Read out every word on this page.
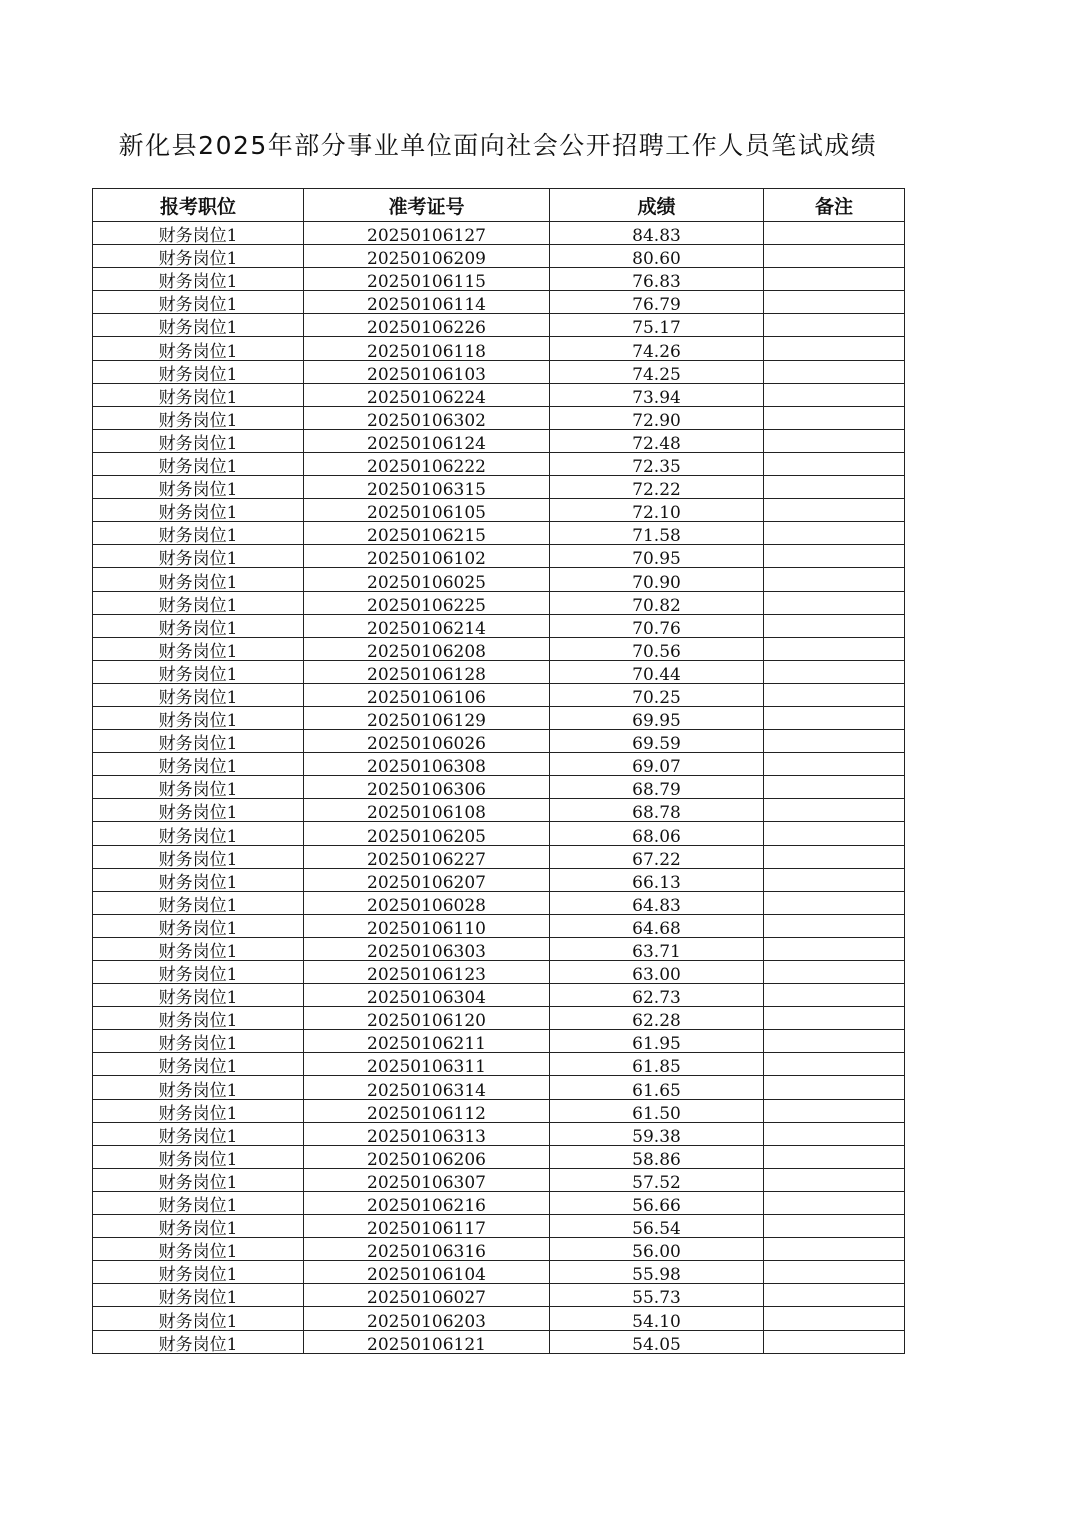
新化县2025年部分事业单位面向社会公开招聘工作人员笔试成绩
报考职位	准考证号	成绩	备注
财务岗位1	20250106127	84.83	
财务岗位1	20250106209	80.60	
财务岗位1	20250106115	76.83	
财务岗位1	20250106114	76.79	
财务岗位1	20250106226	75.17	
财务岗位1	20250106118	74.26	
财务岗位1	20250106103	74.25	
财务岗位1	20250106224	73.94	
财务岗位1	20250106302	72.90	
财务岗位1	20250106124	72.48	
财务岗位1	20250106222	72.35	
财务岗位1	20250106315	72.22	
财务岗位1	20250106105	72.10	
财务岗位1	20250106215	71.58	
财务岗位1	20250106102	70.95	
财务岗位1	20250106025	70.90	
财务岗位1	20250106225	70.82	
财务岗位1	20250106214	70.76	
财务岗位1	20250106208	70.56	
财务岗位1	20250106128	70.44	
财务岗位1	20250106106	70.25	
财务岗位1	20250106129	69.95	
财务岗位1	20250106026	69.59	
财务岗位1	20250106308	69.07	
财务岗位1	20250106306	68.79	
财务岗位1	20250106108	68.78	
财务岗位1	20250106205	68.06	
财务岗位1	20250106227	67.22	
财务岗位1	20250106207	66.13	
财务岗位1	20250106028	64.83	
财务岗位1	20250106110	64.68	
财务岗位1	20250106303	63.71	
财务岗位1	20250106123	63.00	
财务岗位1	20250106304	62.73	
财务岗位1	20250106120	62.28	
财务岗位1	20250106211	61.95	
财务岗位1	20250106311	61.85	
财务岗位1	20250106314	61.65	
财务岗位1	20250106112	61.50	
财务岗位1	20250106313	59.38	
财务岗位1	20250106206	58.86	
财务岗位1	20250106307	57.52	
财务岗位1	20250106216	56.66	
财务岗位1	20250106117	56.54	
财务岗位1	20250106316	56.00	
财务岗位1	20250106104	55.98	
财务岗位1	20250106027	55.73	
财务岗位1	20250106203	54.10	
财务岗位1	20250106121	54.05	
